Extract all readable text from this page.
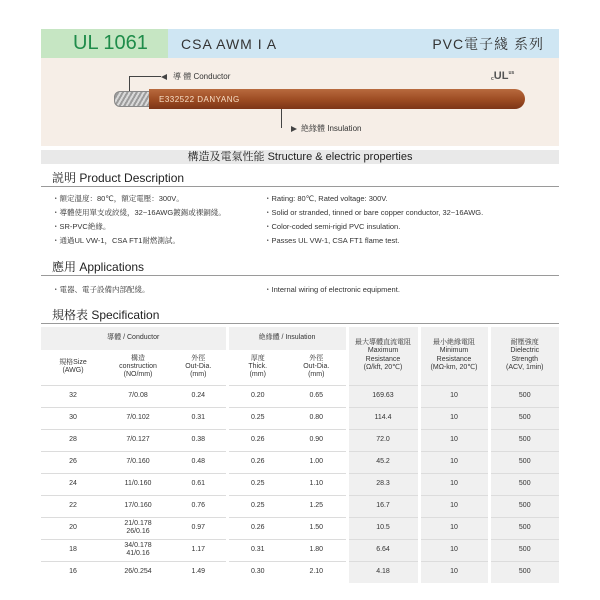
UL 1061	CSA AWM I A	PVC電子綫 系列
導 體 Conductor
E332522 DANYANG
絶緣體 Insulation
cUL$^{us}$
構造及電氣性能 Structure & electric properties
説明 Product Description
・額定溫度：80℃，額定電壓：300V。
・導體使用單支或絞綫，32~16AWG鍍錫或裸銅綫。
・SR-PVC絶緣。
・通過UL VW-1，CSA FT1耐燃測試。
・Rating: 80℃, Rated voltage: 300V.
・Solid or stranded, tinned or bare copper conductor, 32~16AWG.
・Color-coded semi-rigid PVC insulation.
・Passes UL VW-1, CSA FT1 flame test.
應用 Applications
・電器、電子設備内部配綫。	・Internal wiring of electronic equipment.
規格表 Specification
導體 / Conductor			絶緣體 / Insulation		最大導體直流電阻
Maximum
Resistance
(Ω/kft, 20℃)	最小絶緣電阻
Minimum
Resistance
(MΩ-km, 20℃)	耐壓強度
Dielectric
Strength
(ACV, 1min)
規格Size
(AWG)	構造
construction
(NO/mm)	外徑
Out-Dia.
(mm)	厚度
Thick.
(mm)	外徑
Out-Dia.
(mm)			
32	7/0.08	0.24	0.20	0.65	169.63	10	500
30	7/0.102	0.31	0.25	0.80	114.4	10	500
28	7/0.127	0.38	0.26	0.90	72.0	10	500
26	7/0.160	0.48	0.26	1.00	45.2	10	500
24	11/0.160	0.61	0.25	1.10	28.3	10	500
22	17/0.160	0.76	0.25	1.25	16.7	10	500
20	21/0.178
26/0.16	0.97	0.26	1.50	10.5	10	500
18	34/0.178
41/0.16	1.17	0.31	1.80	6.64	10	500
16	26/0.254	1.49	0.30	2.10	4.18	10	500
